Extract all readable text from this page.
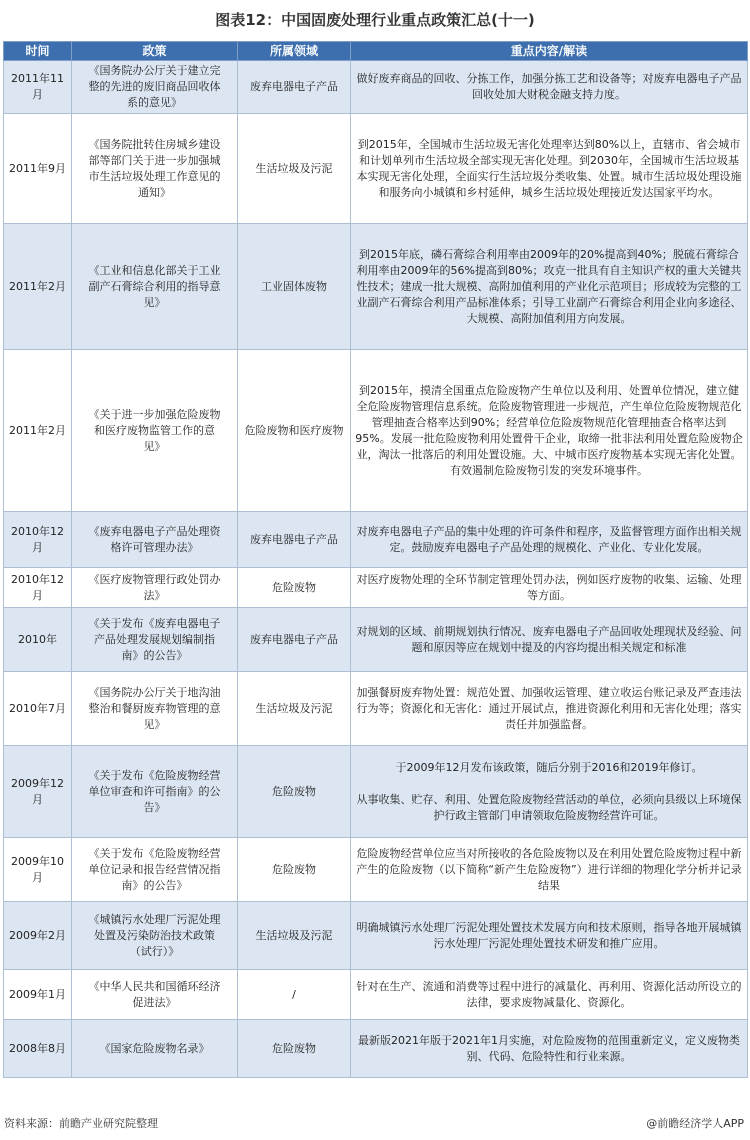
图表12：中国固废处理行业重点政策汇总(十一)
时间	政策	所属领域	重点内容/解读
2011年11月	《国务院办公厅关于建立完整的先进的废旧商品回收体系的意见》	废弃电器电子产品	做好废弃商品的回收、分拣工作，加强分拣工艺和设备等；对废弃电器电子产品回收处加大财税金融支持力度。

2011年9月	《国务院批转住房城乡建设部等部门关于进一步加强城市生活垃圾处理工作意见的通知》	生活垃圾及污泥	到2015年，全国城市生活垃圾无害化处理率达到80%以上，直辖市、省会城市和计划单列市生活垃圾全部实现无害化处理。到2030年，全国城市生活垃圾基本实现无害化处理，全面实行生活垃圾分类收集、处置。城市生活垃圾处理设施和服务向小城镇和乡村延伸，城乡生活垃圾处理接近发达国家平均水。

2011年2月	《工业和信息化部关于工业副产石膏综合利用的指导意见》	工业固体废物	到2015年底，磷石膏综合利用率由2009年的20%提高到40%；脱硫石膏综合利用率由2009年的56%提高到80%；攻克一批具有自主知识产权的重大关键共性技术；建成一批大规模、高附加值利用的产业化示范项目；形成较为完整的工业副产石膏综合利用产品标准体系；引导工业副产石膏综合利用企业向多途径、大规模、高附加值利用方向发展。

2011年2月	《关于进一步加强危险废物和医疗废物监管工作的意见》	危险废物和医疗废物	到2015年，摸清全国重点危险废物产生单位以及利用、处置单位情况，建立健全危险废物管理信息系统。危险废物管理进一步规范，产生单位危险废物规范化管理抽查合格率达到90%；经营单位危险废物规范化管理抽查合格率达到95%。发展一批危险废物利用处置骨干企业，取缔一批非法利用处置危险废物企业，淘汰一批落后的利用处置设施。大、中城市医疗废物基本实现无害化处置。有效遏制危险废物引发的突发环境事件。

2010年12月	《废弃电器电子产品处理资格许可管理办法》	废弃电器电子产品	对废弃电器电子产品的集中处理的许可条件和程序，及监督管理方面作出相关规定。鼓励废弃电器电子产品处理的规模化、产业化、专业化发展。

2010年12月	《医疗废物管理行政处罚办法》	危险废物	对医疗废物处理的全环节制定管理处罚办法，例如医疗废物的收集、运输、处理等方面。

2010年	《关于发布《废弃电器电子产品处理发展规划编制指南》的公告》	废弃电器电子产品	对规划的区域、前期规划执行情况、废弃电器电子产品回收处理现状及经验、问题和原因等应在规划中提及的内容均提出相关规定和标准

2010年7月	《国务院办公厅关于地沟油整治和餐厨废弃物管理的意见》	生活垃圾及污泥	加强餐厨废弃物处置：规范处置、加强收运管理、建立收运台账记录及严查违法行为等；资源化和无害化：通过开展试点，推进资源化利用和无害化处理；落实责任并加强监督。

2009年12月	《关于发布《危险废物经营单位审查和许可指南》的公告》	危险废物	于2009年12月发布该政策，随后分别于2016和2019年修订。

从事收集、贮存、利用、处置危险废物经营活动的单位，必须向县级以上环境保护行政主管部门申请领取危险废物经营许可证。

2009年10月	《关于发布《危险废物经营单位记录和报告经营情况指南》的公告》	危险废物	危险废物经营单位应当对所接收的各危险废物以及在利用处置危险废物过程中新产生的危险废物（以下简称“新产生危险废物”）进行详细的物理化学分析并记录结果

2009年2月	《城镇污水处理厂污泥处理处置及污染防治技术政策（试行）》	生活垃圾及污泥	明确城镇污水处理厂污泥处理处置技术发展方向和技术原则，指导各地开展城镇污水处理厂污泥处理处置技术研发和推广应用。

2009年1月	《中华人民共和国循环经济促进法》	/	针对在生产、流通和消费等过程中进行的减量化、再利用、资源化活动所设立的法律，要求废物减量化、资源化。

2008年8月	《国家危险废物名录》	危险废物	最新版2021年版于2021年1月实施，对危险废物的范围重新定义，定义废物类别、代码、危险特性和行业来源。
资料来源：前瞻产业研究院整理	@前瞻经济学人APP
